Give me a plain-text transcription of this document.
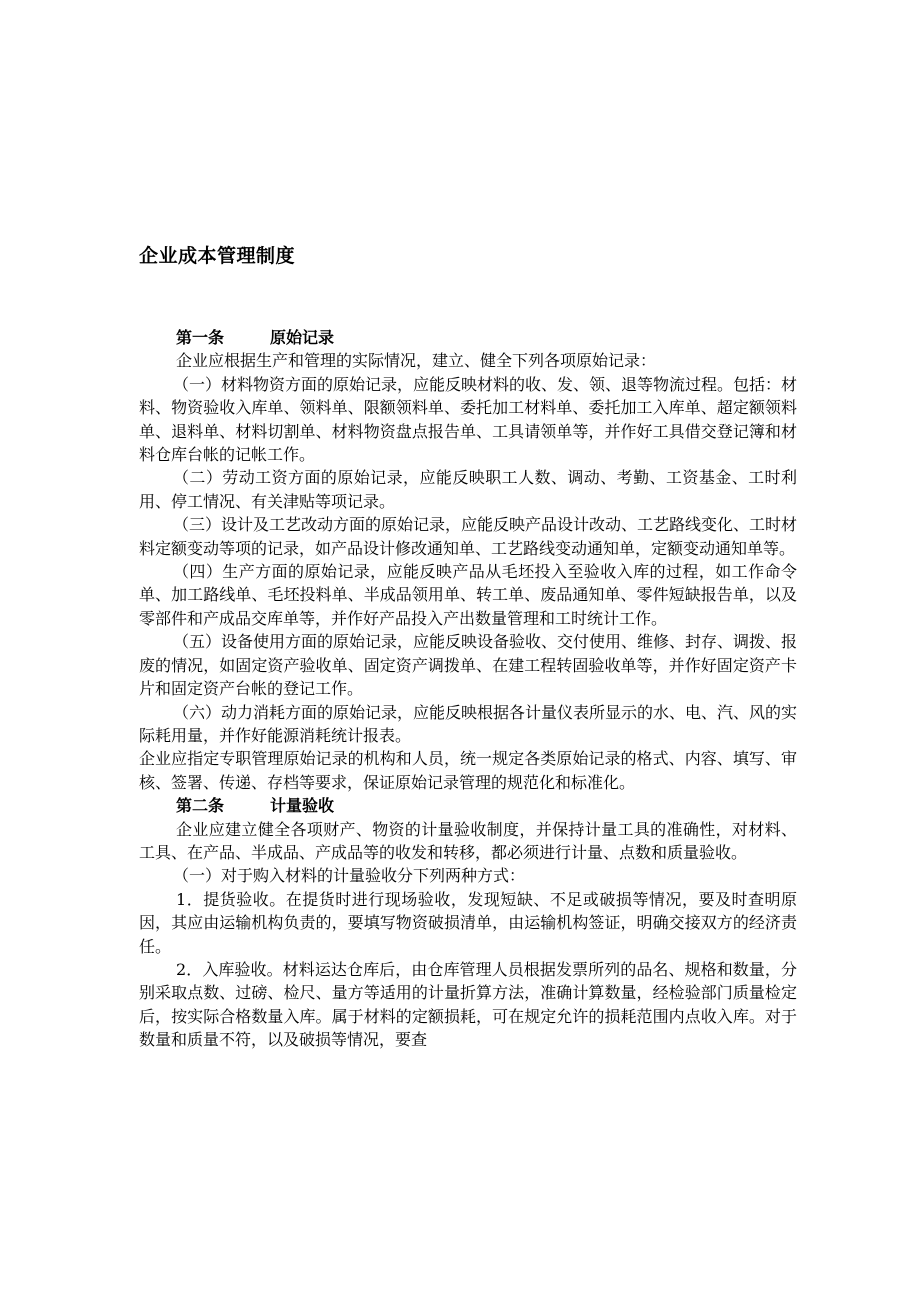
企业成本管理制度

第一条	原始记录

企业应根据生产和管理的实际情况，建立、健全下列各项原始记录：

（一）材料物资方面的原始记录，应能反映材料的收、发、领、退等物流过程。包括：材料、物资验收入库单、领料单、限额领料单、委托加工材料单、委托加工入库单、超定额领料单、退料单、材料切割单、材料物资盘点报告单、工具请领单等，并作好工具借交登记簿和材料仓库台帐的记帐工作。

（二）劳动工资方面的原始记录，应能反映职工人数、调动、考勤、工资基金、工时利用、停工情况、有关津贴等项记录。

（三）设计及工艺改动方面的原始记录，应能反映产品设计改动、工艺路线变化、工时材料定额变动等项的记录，如产品设计修改通知单、工艺路线变动通知单，定额变动通知单等。

（四）生产方面的原始记录，应能反映产品从毛坯投入至验收入库的过程，如工作命令单、加工路线单、毛坯投料单、半成品领用单、转工单、废品通知单、零件短缺报告单，以及零部件和产成品交库单等，并作好产品投入产出数量管理和工时统计工作。

（五）设备使用方面的原始记录，应能反映设备验收、交付使用、维修、封存、调拨、报废的情况，如固定资产验收单、固定资产调拨单、在建工程转固验收单等，并作好固定资产卡片和固定资产台帐的登记工作。

（六）动力消耗方面的原始记录，应能反映根据各计量仪表所显示的水、电、汽、风的实际耗用量，并作好能源消耗统计报表。

企业应指定专职管理原始记录的机构和人员，统一规定各类原始记录的格式、内容、填写、审核、签署、传递、存档等要求，保证原始记录管理的规范化和标准化。

第二条	计量验收

企业应建立健全各项财产、物资的计量验收制度，并保持计量工具的准确性，对材料、工具、在产品、半成品、产成品等的收发和转移，都必须进行计量、点数和质量验收。

（一）对于购入材料的计量验收分下列两种方式：

1．提货验收。在提货时进行现场验收，发现短缺、不足或破损等情况，要及时查明原因，其应由运输机构负责的，要填写物资破损清单，由运输机构签证，明确交接双方的经济责任。

2．入库验收。材料运达仓库后，由仓库管理人员根据发票所列的品名、规格和数量，分别采取点数、过磅、检尺、量方等适用的计量折算方法，准确计算数量，经检验部门质量检定后，按实际合格数量入库。属于材料的定额损耗，可在规定允许的损耗范围内点收入库。对于数量和质量不符，以及破损等情况，要查
